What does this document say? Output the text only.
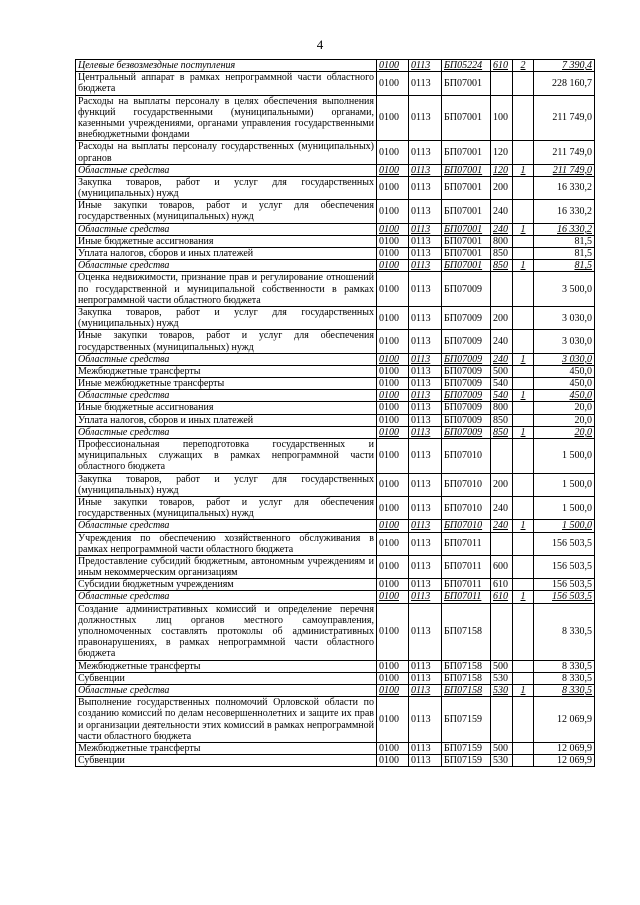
4
Целевые безвозмездные поступления	0100	0113	БП05224	610	2	7 390,4
Центральный аппарат в рамках непрограммной части областного бюджета	0100	0113	БП07001			228 160,7
Расходы на выплаты персоналу в целях обеспечения выполнения функций государственными (муниципальными) органами, казенными учреждениями, органами управления государственными внебюджетными фондами	0100	0113	БП07001	100		211 749,0
Расходы на выплаты персоналу государственных (муниципальных) органов	0100	0113	БП07001	120		211 749,0
Областные средства	0100	0113	БП07001	120	1	211 749,0
Закупка товаров, работ и услуг для государственных (муниципальных) нужд	0100	0113	БП07001	200		16 330,2
Иные закупки товаров, работ и услуг для обеспечения государственных (муниципальных) нужд	0100	0113	БП07001	240		16 330,2
Областные средства	0100	0113	БП07001	240	1	16 330,2
Иные бюджетные ассигнования	0100	0113	БП07001	800		81,5
Уплата налогов, сборов и иных платежей	0100	0113	БП07001	850		81,5
Областные средства	0100	0113	БП07001	850	1	81,5
Оценка недвижимости, признание прав и регулирование отношений по государственной и муниципальной собственности в рамках непрограммной части областного бюджета	0100	0113	БП07009			3 500,0
Закупка товаров, работ и услуг для государственных (муниципальных) нужд	0100	0113	БП07009	200		3 030,0
Иные закупки товаров, работ и услуг для обеспечения государственных (муниципальных) нужд	0100	0113	БП07009	240		3 030,0
Областные средства	0100	0113	БП07009	240	1	3 030,0
Межбюджетные трансферты	0100	0113	БП07009	500		450,0
Иные межбюджетные трансферты	0100	0113	БП07009	540		450,0
Областные средства	0100	0113	БП07009	540	1	450,0
Иные бюджетные ассигнования	0100	0113	БП07009	800		20,0
Уплата налогов, сборов и иных платежей	0100	0113	БП07009	850		20,0
Областные средства	0100	0113	БП07009	850	1	20,0
Профессиональная переподготовка государственных и муниципальных служащих в рамках непрограммной части областного бюджета	0100	0113	БП07010			1 500,0
Закупка товаров, работ и услуг для государственных (муниципальных) нужд	0100	0113	БП07010	200		1 500,0
Иные закупки товаров, работ и услуг для обеспечения государственных (муниципальных) нужд	0100	0113	БП07010	240		1 500,0
Областные средства	0100	0113	БП07010	240	1	1 500,0
Учреждения по обеспечению хозяйственного обслуживания в рамках непрограммной части областного бюджета	0100	0113	БП07011			156 503,5
Предоставление субсидий бюджетным, автономным учреждениям и иным некоммерческим организациям	0100	0113	БП07011	600		156 503,5
Субсидии бюджетным учреждениям	0100	0113	БП07011	610		156 503,5
Областные средства	0100	0113	БП07011	610	1	156 503,5
Создание административных комиссий и определение перечня должностных лиц органов местного самоуправления, уполномоченных составлять протоколы об административных правонарушениях, в рамках непрограммной части областного бюджета	0100	0113	БП07158			8 330,5
Межбюджетные трансферты	0100	0113	БП07158	500		8 330,5
Субвенции	0100	0113	БП07158	530		8 330,5
Областные средства	0100	0113	БП07158	530	1	8 330,5
Выполнение государственных полномочий Орловской области по созданию комиссий по делам несовершеннолетних и защите их прав и организации деятельности этих комиссий в рамках непрограммной части областного бюджета	0100	0113	БП07159			12 069,9
Межбюджетные трансферты	0100	0113	БП07159	500		12 069,9
Субвенции	0100	0113	БП07159	530		12 069,9
